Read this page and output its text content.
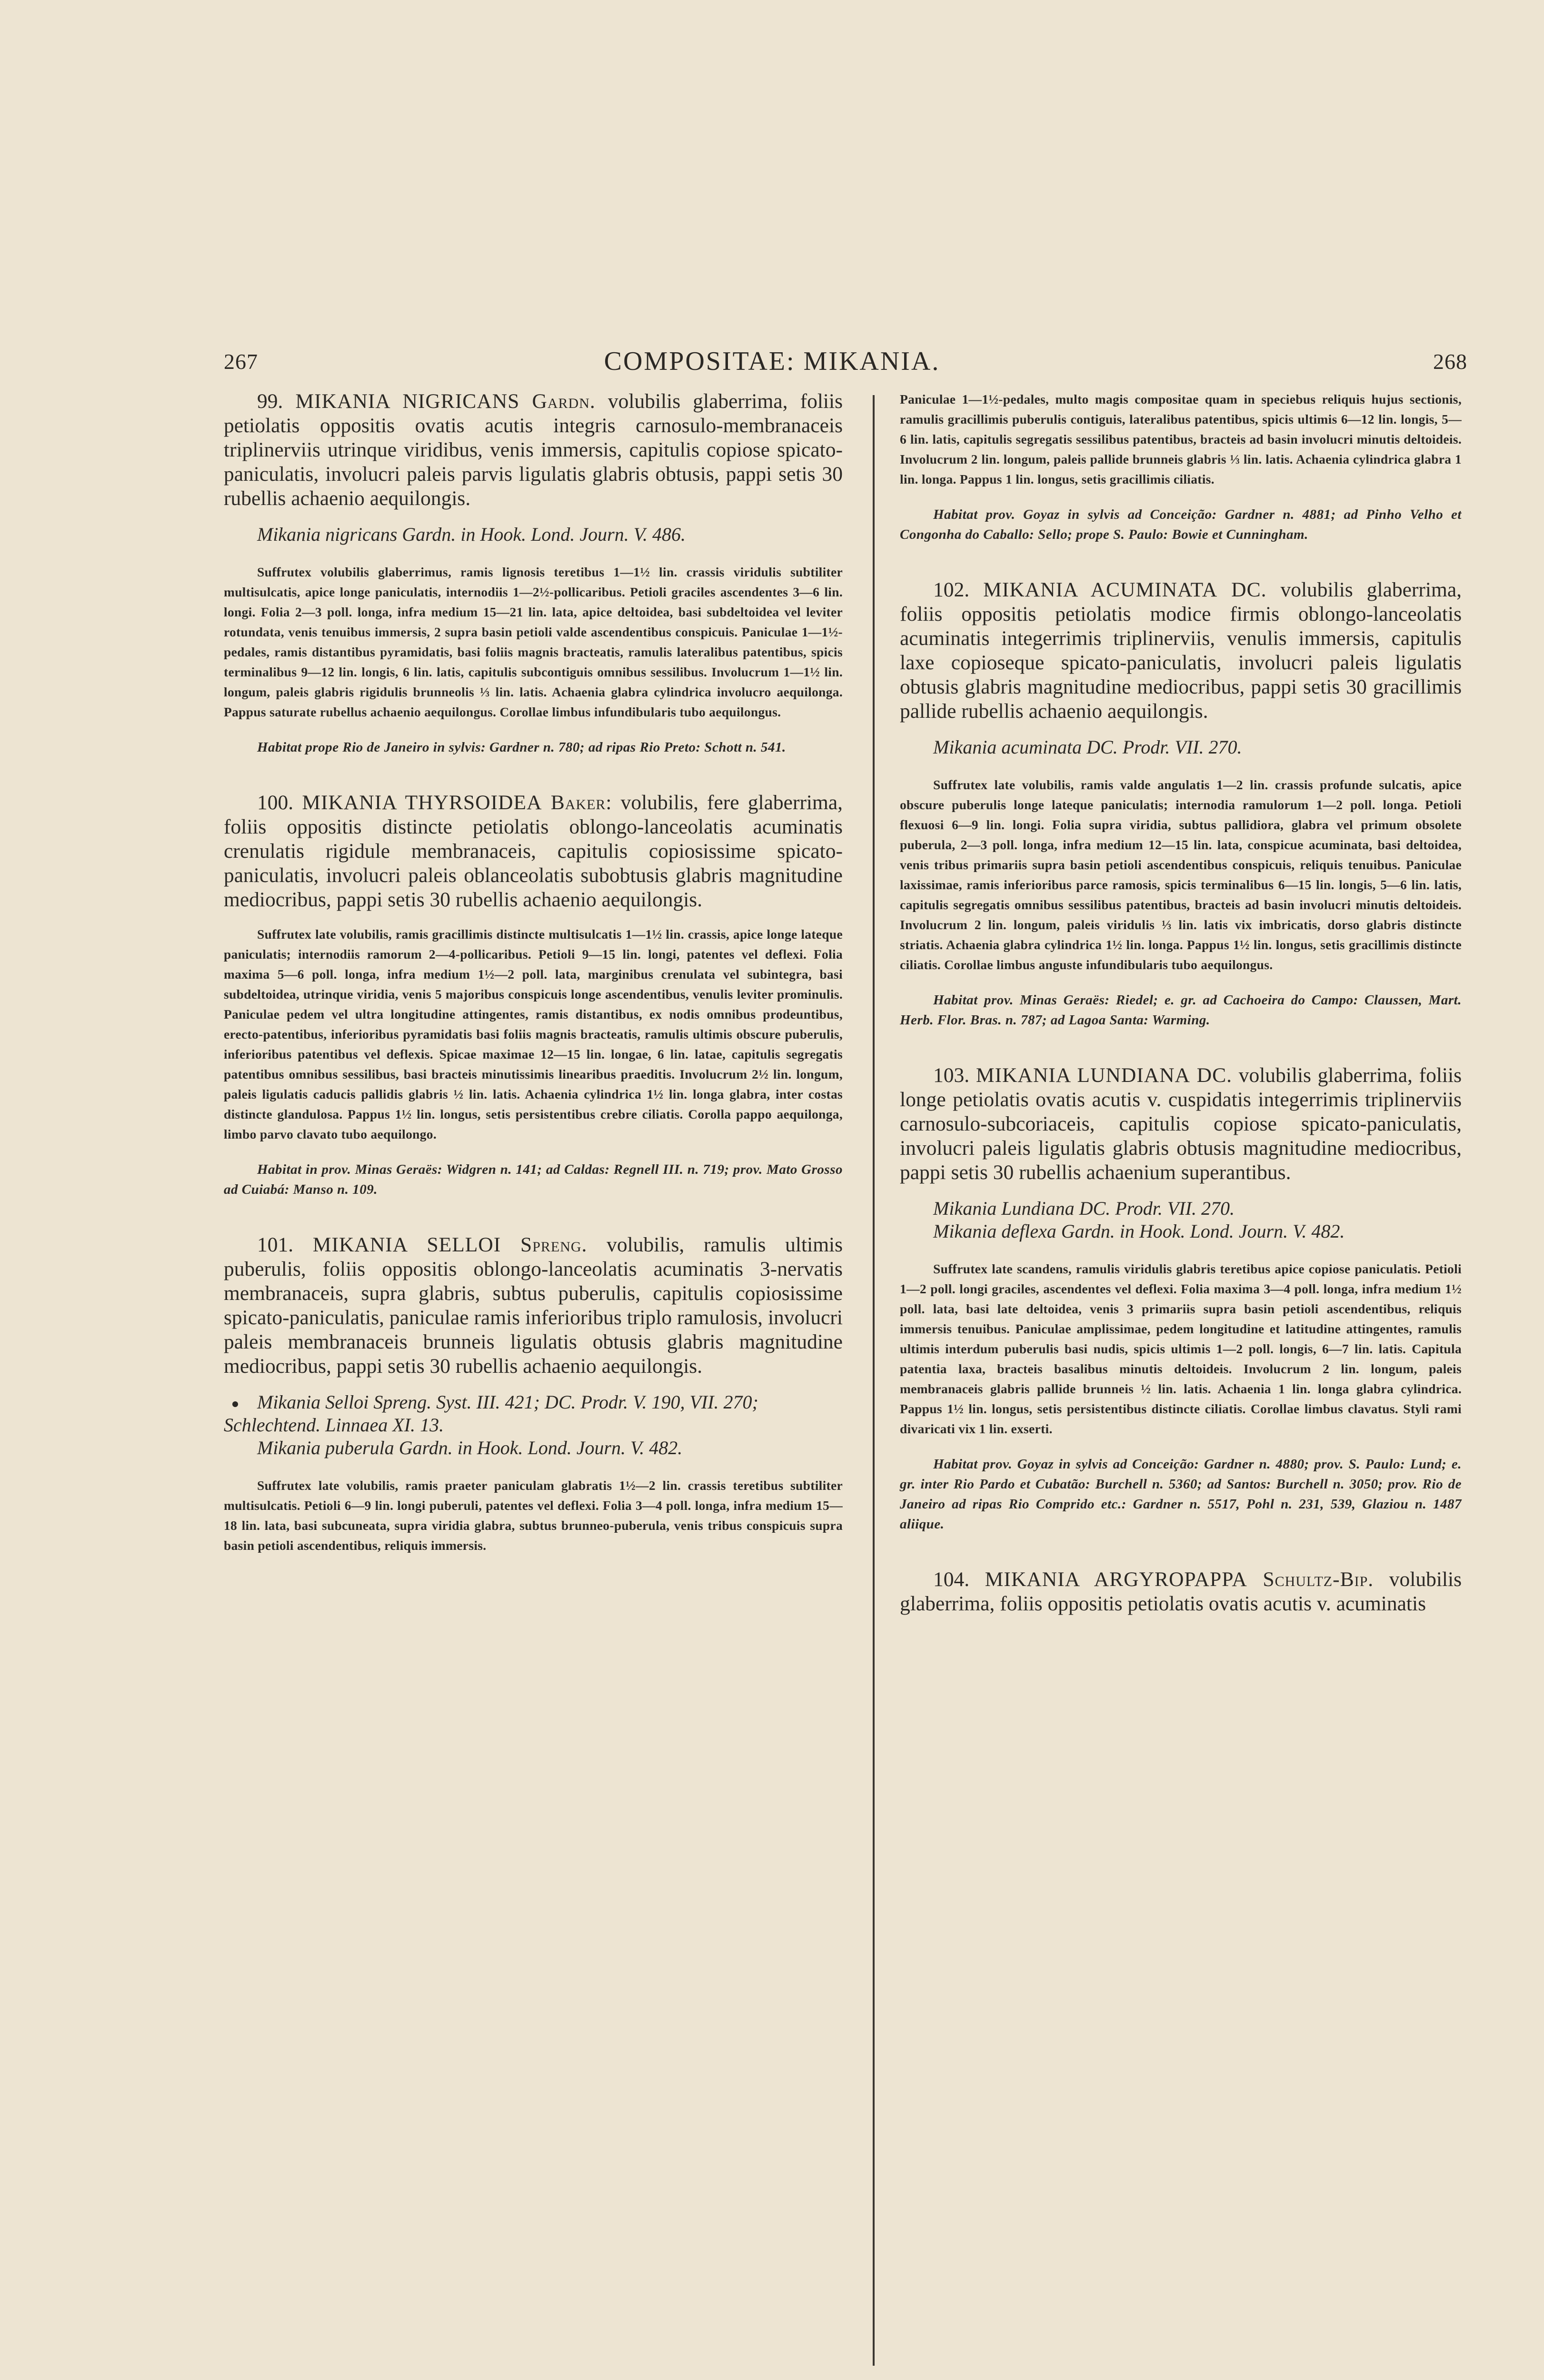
267	COMPOSITAE: MIKANIA.	268

99. MIKANIA NIGRICANS Gardn. volubilis glaberrima, foliis petiolatis oppositis ovatis acutis integris carnosulo-membranaceis triplinerviis utrinque viridibus, venis immersis, capitulis copiose spicato-paniculatis, involucri paleis parvis ligulatis glabris obtusis, pappi setis 30 rubellis achaenio aequilongis.

Mikania nigricans Gardn. in Hook. Lond. Journ. V. 486.

Suffrutex volubilis glaberrimus, ramis lignosis teretibus 1—1½ lin. crassis viridulis subtiliter multisulcatis, apice longe paniculatis, internodiis 1—2½-pollicaribus. Petioli graciles ascendentes 3—6 lin. longi. Folia 2—3 poll. longa, infra medium 15—21 lin. lata, apice deltoidea, basi subdeltoidea vel leviter rotundata, venis tenuibus immersis, 2 supra basin petioli valde ascendentibus conspicuis. Paniculae 1—1½-pedales, ramis distantibus pyramidatis, basi foliis magnis bracteatis, ramulis lateralibus patentibus, spicis terminalibus 9—12 lin. longis, 6 lin. latis, capitulis subcontiguis omnibus sessilibus. Involucrum 1—1½ lin. longum, paleis glabris rigidulis brunneolis ⅓ lin. latis. Achaenia glabra cylindrica involucro aequilonga. Pappus saturate rubellus achaenio aequilongus. Corollae limbus infundibularis tubo aequilongus.

Habitat prope Rio de Janeiro in sylvis: Gardner n. 780; ad ripas Rio Preto: Schott n. 541.

100. MIKANIA THYRSOIDEA Baker: volubilis, fere glaberrima, foliis oppositis distincte petiolatis oblongo-lanceolatis acuminatis crenulatis rigidule membranaceis, capitulis copiosissime spicato-paniculatis, involucri paleis oblanceolatis subobtusis glabris magnitudine mediocribus, pappi setis 30 rubellis achaenio aequilongis.

Suffrutex late volubilis, ramis gracillimis distincte multisulcatis 1—1½ lin. crassis, apice longe lateque paniculatis; internodiis ramorum 2—4-pollicaribus. Petioli 9—15 lin. longi, patentes vel deflexi. Folia maxima 5—6 poll. longa, infra medium 1½—2 poll. lata, marginibus crenulata vel subintegra, basi subdeltoidea, utrinque viridia, venis 5 majoribus conspicuis longe ascendentibus, venulis leviter prominulis. Paniculae pedem vel ultra longitudine attingentes, ramis distantibus, ex nodis omnibus prodeuntibus, erecto-patentibus, inferioribus pyramidatis basi foliis magnis bracteatis, ramulis ultimis obscure puberulis, inferioribus patentibus vel deflexis. Spicae maximae 12—15 lin. longae, 6 lin. latae, capitulis segregatis patentibus omnibus sessilibus, basi bracteis minutissimis linearibus praeditis. Involucrum 2½ lin. longum, paleis ligulatis caducis pallidis glabris ½ lin. latis. Achaenia cylindrica 1½ lin. longa glabra, inter costas distincte glandulosa. Pappus 1½ lin. longus, setis persistentibus crebre ciliatis. Corolla pappo aequilonga, limbo parvo clavato tubo aequilongo.

Habitat in prov. Minas Geraës: Widgren n. 141; ad Caldas: Regnell III. n. 719; prov. Mato Grosso ad Cuiabá: Manso n. 109.

101. MIKANIA SELLOI Spreng. volubilis, ramulis ultimis puberulis, foliis oppositis oblongo-lanceolatis acuminatis 3-nervatis membranaceis, supra glabris, subtus puberulis, capitulis copiosissime spicato-paniculatis, paniculae ramis inferioribus triplo ramulosis, involucri paleis membranaceis brunneis ligulatis obtusis glabris magnitudine mediocribus, pappi setis 30 rubellis achaenio aequilongis.

Mikania Selloi Spreng. Syst. III. 421; DC. Prodr. V. 190, VII. 270; Schlechtend. Linnaea XI. 13.

Mikania puberula Gardn. in Hook. Lond. Journ. V. 482.

Suffrutex late volubilis, ramis praeter paniculam glabratis 1½—2 lin. crassis teretibus subtiliter multisulcatis. Petioli 6—9 lin. longi puberuli, patentes vel deflexi. Folia 3—4 poll. longa, infra medium 15—18 lin. lata, basi subcuneata, supra viridia glabra, subtus brunneo-puberula, venis tribus conspicuis supra basin petioli ascendentibus, reliquis immersis.

Paniculae 1—1½-pedales, multo magis compositae quam in speciebus reliquis hujus sectionis, ramulis gracillimis puberulis contiguis, lateralibus patentibus, spicis ultimis 6—12 lin. longis, 5—6 lin. latis, capitulis segregatis sessilibus patentibus, bracteis ad basin involucri minutis deltoideis. Involucrum 2 lin. longum, paleis pallide brunneis glabris ⅓ lin. latis. Achaenia cylindrica glabra 1 lin. longa. Pappus 1 lin. longus, setis gracillimis ciliatis.

Habitat prov. Goyaz in sylvis ad Conceição: Gardner n. 4881; ad Pinho Velho et Congonha do Caballo: Sello; prope S. Paulo: Bowie et Cunningham.

102. MIKANIA ACUMINATA DC. volubilis glaberrima, foliis oppositis petiolatis modice firmis oblongo-lanceolatis acuminatis integerrimis triplinerviis, venulis immersis, capitulis laxe copioseque spicato-paniculatis, involucri paleis ligulatis obtusis glabris magnitudine mediocribus, pappi setis 30 gracillimis pallide rubellis achaenio aequilongis.

Mikania acuminata DC. Prodr. VII. 270.

Suffrutex late volubilis, ramis valde angulatis 1—2 lin. crassis profunde sulcatis, apice obscure puberulis longe lateque paniculatis; internodia ramulorum 1—2 poll. longa. Petioli flexuosi 6—9 lin. longi. Folia supra viridia, subtus pallidiora, glabra vel primum obsolete puberula, 2—3 poll. longa, infra medium 12—15 lin. lata, conspicue acuminata, basi deltoidea, venis tribus primariis supra basin petioli ascendentibus conspicuis, reliquis tenuibus. Paniculae laxissimae, ramis inferioribus parce ramosis, spicis terminalibus 6—15 lin. longis, 5—6 lin. latis, capitulis segregatis omnibus sessilibus patentibus, bracteis ad basin involucri minutis deltoideis. Involucrum 2 lin. longum, paleis viridulis ⅓ lin. latis vix imbricatis, dorso glabris distincte striatis. Achaenia glabra cylindrica 1½ lin. longa. Pappus 1½ lin. longus, setis gracillimis distincte ciliatis. Corollae limbus anguste infundibularis tubo aequilongus.

Habitat prov. Minas Geraës: Riedel; e. gr. ad Cachoeira do Campo: Claussen, Mart. Herb. Flor. Bras. n. 787; ad Lagoa Santa: Warming.

103. MIKANIA LUNDIANA DC. volubilis glaberrima, foliis longe petiolatis ovatis acutis v. cuspidatis integerrimis triplinerviis carnosulo-subcoriaceis, capitulis copiose spicato-paniculatis, involucri paleis ligulatis glabris obtusis magnitudine mediocribus, pappi setis 30 rubellis achaenium superantibus.

Mikania Lundiana DC. Prodr. VII. 270.

Mikania deflexa Gardn. in Hook. Lond. Journ. V. 482.

Suffrutex late scandens, ramulis viridulis glabris teretibus apice copiose paniculatis. Petioli 1—2 poll. longi graciles, ascendentes vel deflexi. Folia maxima 3—4 poll. longa, infra medium 1½ poll. lata, basi late deltoidea, venis 3 primariis supra basin petioli ascendentibus, reliquis immersis tenuibus. Paniculae amplissimae, pedem longitudine et latitudine attingentes, ramulis ultimis interdum puberulis basi nudis, spicis ultimis 1—2 poll. longis, 6—7 lin. latis. Capitula patentia laxa, bracteis basalibus minutis deltoideis. Involucrum 2 lin. longum, paleis membranaceis glabris pallide brunneis ½ lin. latis. Achaenia 1 lin. longa glabra cylindrica. Pappus 1½ lin. longus, setis persistentibus distincte ciliatis. Corollae limbus clavatus. Styli rami divaricati vix 1 lin. exserti.

Habitat prov. Goyaz in sylvis ad Conceição: Gardner n. 4880; prov. S. Paulo: Lund; e. gr. inter Rio Pardo et Cubatão: Burchell n. 5360; ad Santos: Burchell n. 3050; prov. Rio de Janeiro ad ripas Rio Comprido etc.: Gardner n. 5517, Pohl n. 231, 539, Glaziou n. 1487 aliique.

104. MIKANIA ARGYROPAPPA Schultz-Bip. volubilis glaberrima, foliis oppositis petiolatis ovatis acutis v. acuminatis
